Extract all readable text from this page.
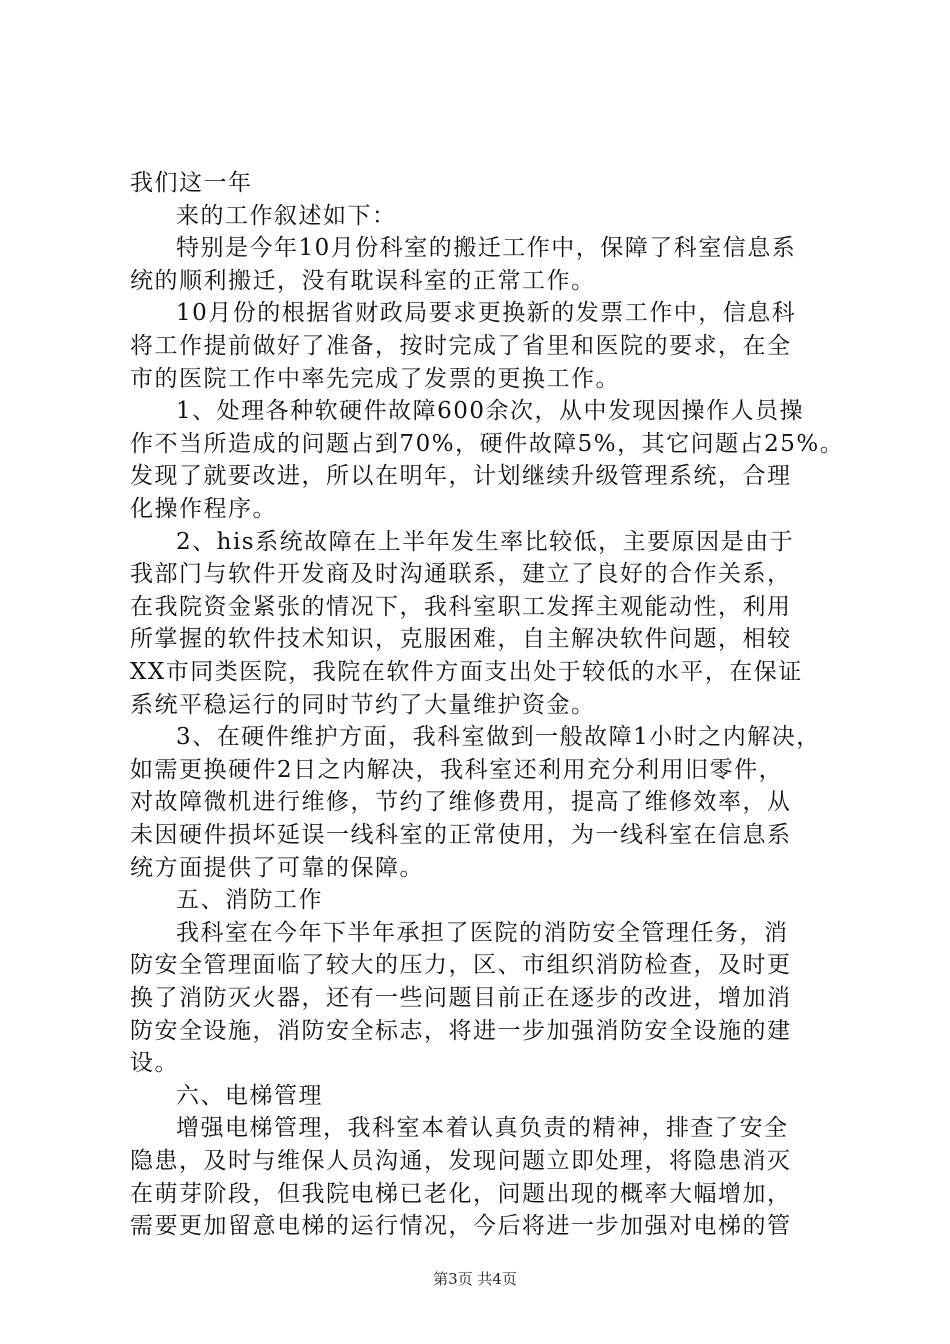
我们这一年
来的工作叙述如下：
特别是今年10月份科室的搬迁工作中，保障了科室信息系
统的顺利搬迁，没有耽误科室的正常工作。
10月份的根据省财政局要求更换新的发票工作中，信息科
将工作提前做好了准备，按时完成了省里和医院的要求，在全
市的医院工作中率先完成了发票的更换工作。
1、处理各种软硬件故障600余次，从中发现因操作人员操
作不当所造成的问题占到70%，硬件故障5%，其它问题占25%。
发现了就要改进，所以在明年，计划继续升级管理系统，合理
化操作程序。
2、his系统故障在上半年发生率比较低，主要原因是由于
我部门与软件开发商及时沟通联系，建立了良好的合作关系，
在我院资金紧张的情况下，我科室职工发挥主观能动性，利用
所掌握的软件技术知识，克服困难，自主解决软件问题，相较
XX市同类医院，我院在软件方面支出处于较低的水平，在保证
系统平稳运行的同时节约了大量维护资金。
3、在硬件维护方面，我科室做到一般故障1小时之内解决，
如需更换硬件2日之内解决，我科室还利用充分利用旧零件，
对故障微机进行维修，节约了维修费用，提高了维修效率，从
未因硬件损坏延误一线科室的正常使用，为一线科室在信息系
统方面提供了可靠的保障。
五、消防工作
我科室在今年下半年承担了医院的消防安全管理任务，消
防安全管理面临了较大的压力，区、市组织消防检查，及时更
换了消防灭火器，还有一些问题目前正在逐步的改进，增加消
防安全设施，消防安全标志，将进一步加强消防安全设施的建
设。
六、电梯管理
增强电梯管理，我科室本着认真负责的精神，排查了安全
隐患，及时与维保人员沟通，发现问题立即处理，将隐患消灭
在萌芽阶段，但我院电梯已老化，问题出现的概率大幅增加，
第3页 共4页
需要更加留意电梯的运行情况，今后将进一步加强对电梯的管
